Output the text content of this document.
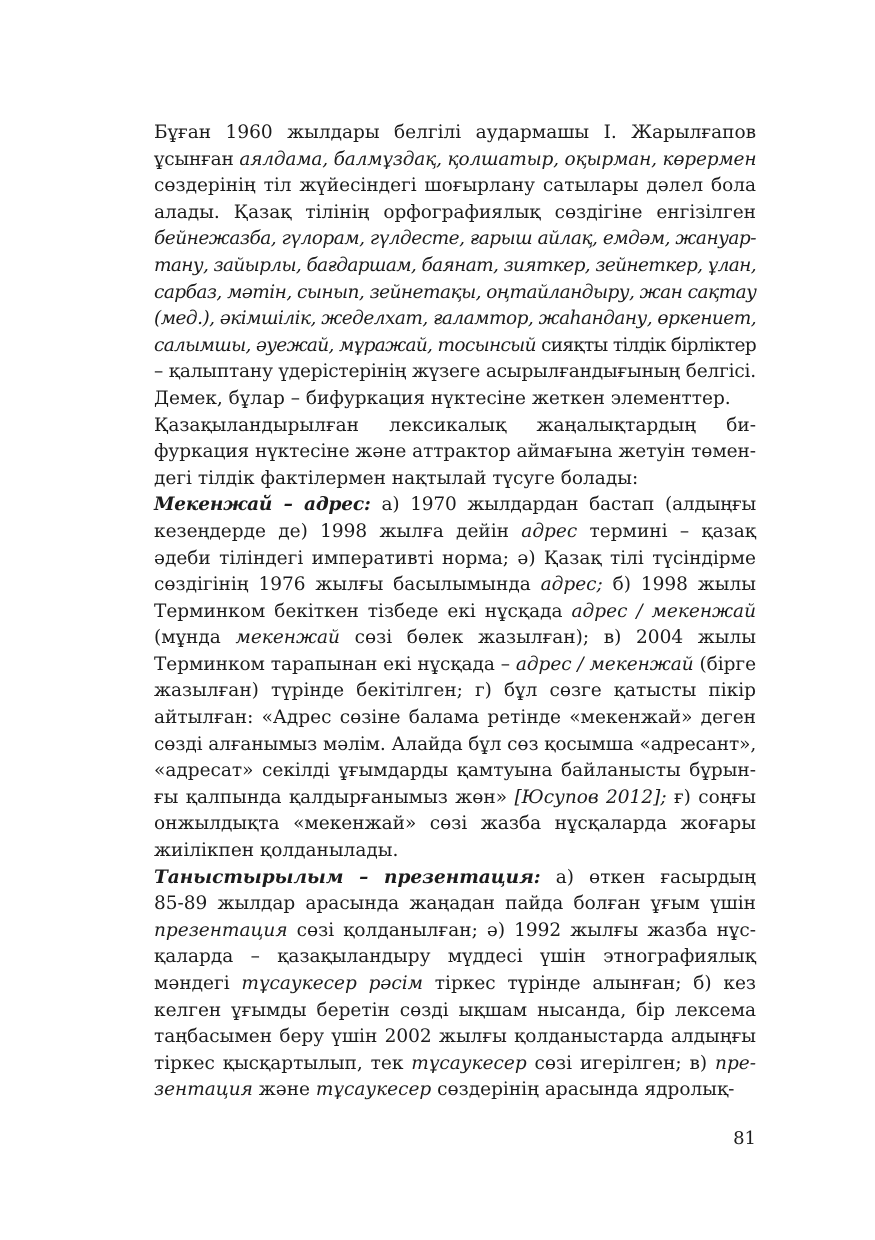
Бұған 1960 жылдары белгілі аудармашы І. Жарылғапов
ұсынған аялдама, балмұздақ, қолшатыр, оқырман, көрермен
сөздерінің тіл жүйесіндегі шоғырлану сатылары дәлел бола
алады. Қазақ тілінің орфографиялық сөздігіне енгізілген
бейнежазба, гүлорам, гүлдесте, ғарыш айлақ, емдәм, жануар-
тану, зайырлы, бағдаршам, баянат, зияткер, зейнеткер, ұлан,
сарбаз, мәтін, сынып, зейнетақы, оңтайландыру, жан сақтау
(мед.), әкімшілік, жеделхат, ғаламтор, жаһандану, өркениет,
салымшы, әуежай, мұражай, тосынсый сияқты тілдік бірліктер
– қалыптану үдерістерінің жүзеге асырылғандығының белгісі.
Демек, бұлар – бифуркация нүктесіне жеткен элементтер.

Қазақыландырылған лексикалық жаңалықтардың би-
фуркация нүктесіне және аттрактор аймағына жетуін төмен-
дегі тілдік фактілермен нақтылай түсуге болады:

Мекенжай – адрес: а) 1970 жылдардан бастап (алдыңғы
кезеңдерде де) 1998 жылға дейін адрес термині – қазақ
әдеби тіліндегі императивті норма; ә) Қазақ тілі түсіндірме
сөздігінің 1976 жылғы басылымында адрес; б) 1998 жылы
Терминком бекіткен тізбеде екі нұсқада адрес / мекенжай
(мұнда мекенжай сөзі бөлек жазылған); в) 2004 жылы
Терминком тарапынан екі нұсқада – адрес / мекенжай (бірге
жазылған) түрінде бекітілген; г) бұл сөзге қатысты пікір
айтылған: «Адрес сөзіне балама ретінде «мекенжай» деген
сөзді алғанымыз мәлім. Алайда бұл сөз қосымша «адресант»,
«адресат» секілді ұғымдарды қамтуына байланысты бұрын-
ғы қалпында қалдырғанымыз жөн» [Юсупов 2012]; ғ) соңғы
онжылдықта «мекенжай» сөзі жазба нұсқаларда жоғары
жиілікпен қолданылады.

Таныстырылым – презентация: а) өткен ғасырдың
85-89 жылдар арасында жаңадан пайда болған ұғым үшін
презентация сөзі қолданылған; ә) 1992 жылғы жазба нұс-
қаларда – қазақыландыру мүддесі үшін этнографиялық
мәндегі тұсаукесер рәсім тіркес түрінде алынған; б) кез
келген ұғымды беретін сөзді ықшам нысанда, бір лексема
таңбасымен беру үшін 2002 жылғы қолданыстарда алдыңғы
тіркес қысқартылып, тек тұсаукесер сөзі игерілген; в) пре-
зентация және тұсаукесер сөздерінің арасында ядролық-

81
